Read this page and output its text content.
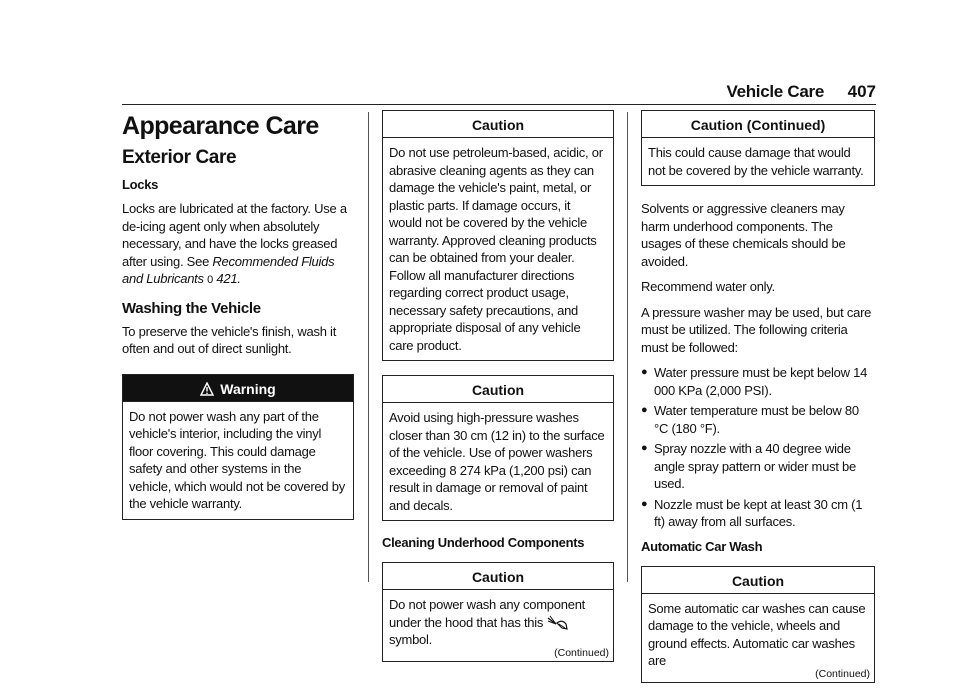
Vehicle Care 407
Appearance Care
Exterior Care
Locks

Locks are lubricated at the factory. Use a de-icing agent only when absolutely necessary, and have the locks greased after using. See Recommended Fluids and Lubricants 0 421.

Washing the Vehicle

To preserve the vehicle's finish, wash it often and out of direct sunlight.

Warning
Do not power wash any part of the vehicle's interior, including the vinyl floor covering. This could damage safety and other systems in the vehicle, which would not be covered by the vehicle warranty.
Caution
Do not use petroleum-based, acidic, or abrasive cleaning agents as they can damage the vehicle's paint, metal, or plastic parts. If damage occurs, it would not be covered by the vehicle warranty. Approved cleaning products can be obtained from your dealer. Follow all manufacturer directions regarding correct product usage, necessary safety precautions, and appropriate disposal of any vehicle care product.
Caution
Avoid using high-pressure washes closer than 30 cm (12 in) to the surface of the vehicle. Use of power washers exceeding 8 274 kPa (1,200 psi) can result in damage or removal of paint and decals.
Cleaning Underhood Components
Caution
Do not power wash any component under the hood that has this
symbol.
(Continued)
Caution (Continued)
This could cause damage that would not be covered by the vehicle warranty.

Solvents or aggressive cleaners may harm underhood components. The usages of these chemicals should be avoided.

Recommend water only.

A pressure washer may be used, but care must be utilized. The following criteria must be followed:

● Water pressure must be kept below 14 000 KPa (2,000 PSI).
● Water temperature must be below 80 °C (180 °F).
● Spray nozzle with a 40 degree wide angle spray pattern or wider must be used.
● Nozzle must be kept at least 30 cm (1 ft) away from all surfaces.
Automatic Car Wash
Caution
Some automatic car washes can cause damage to the vehicle, wheels and ground effects. Automatic car washes are
(Continued)
